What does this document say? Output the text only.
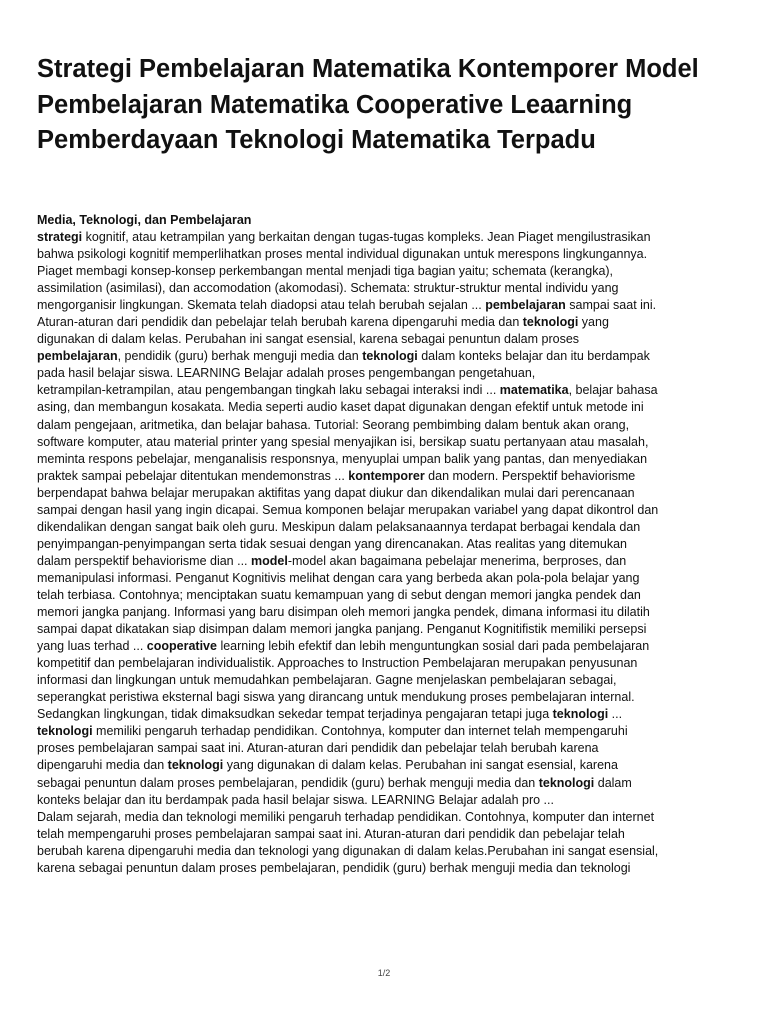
Strategi Pembelajaran Matematika Kontemporer Model Pembelajaran Matematika Cooperative Leaarning Pemberdayaan Teknologi Matematika Terpadu
Media, Teknologi, dan Pembelajaran
strategi kognitif, atau ketrampilan yang berkaitan dengan tugas-tugas kompleks. Jean Piaget mengilustrasikan
bahwa psikologi kognitif memperlihatkan proses mental individual digunakan untuk merespons lingkungannya.
Piaget membagi konsep-konsep perkembangan mental menjadi tiga bagian yaitu; schemata (kerangka),
assimilation (asimilasi), dan accomodation (akomodasi). Schemata: struktur-struktur mental individu yang
mengorganisir lingkungan. Skemata telah diadopsi atau telah berubah sejalan ... pembelajaran sampai saat ini.
Aturan-aturan dari pendidik dan pebelajar telah berubah karena dipengaruhi media dan teknologi yang
digunakan di dalam kelas. Perubahan ini sangat esensial, karena sebagai penuntun dalam proses
pembelajaran, pendidik (guru) berhak menguji media dan teknologi dalam konteks belajar dan itu berdampak
pada hasil belajar siswa. LEARNING Belajar adalah proses pengembangan pengetahuan,
ketrampilan-ketrampilan, atau pengembangan tingkah laku sebagai interaksi indi ... matematika, belajar bahasa
asing, dan membangun kosakata. Media seperti audio kaset dapat digunakan dengan efektif untuk metode ini
dalam pengejaan, aritmetika, dan belajar bahasa. Tutorial: Seorang pembimbing dalam bentuk akan orang,
software komputer, atau material printer yang spesial menyajikan isi, bersikap suatu pertanyaan atau masalah,
meminta respons pebelajar, menganalisis responsnya, menyuplai umpan balik yang pantas, dan menyediakan
praktek sampai pebelajar ditentukan mendemonstras ... kontemporer dan modern. Perspektif behaviorisme
berpendapat bahwa belajar merupakan aktifitas yang dapat diukur dan dikendalikan mulai dari perencanaan
sampai dengan hasil yang ingin dicapai. Semua komponen belajar merupakan variabel yang dapat dikontrol dan
dikendalikan dengan sangat baik oleh guru. Meskipun dalam pelaksanaannya terdapat berbagai kendala dan
penyimpangan-penyimpangan serta tidak sesuai dengan yang direncanakan. Atas realitas yang ditemukan
dalam perspektif behaviorisme dian ... model-model akan bagaimana pebelajar menerima, berproses, dan
memanipulasi informasi. Penganut Kognitivis melihat dengan cara yang berbeda akan pola-pola belajar yang
telah terbiasa. Contohnya; menciptakan suatu kemampuan yang di sebut dengan memori jangka pendek dan
memori jangka panjang. Informasi yang baru disimpan oleh memori jangka pendek, dimana informasi itu dilatih
sampai dapat dikatakan siap disimpan dalam memori jangka panjang. Penganut Kognitifistik memiliki persepsi
yang luas terhad ... cooperative learning lebih efektif dan lebih menguntungkan sosial dari pada pembelajaran
kompetitif dan pembelajaran individualistik. Approaches to Instruction Pembelajaran merupakan penyusunan
informasi dan lingkungan untuk memudahkan pembelajaran. Gagne menjelaskan pembelajaran sebagai,
seperangkat peristiwa eksternal bagi siswa yang dirancang untuk mendukung proses pembelajaran internal.
Sedangkan lingkungan, tidak dimaksudkan sekedar tempat terjadinya pengajaran tetapi juga teknologi ...
teknologi memiliki pengaruh terhadap pendidikan. Contohnya, komputer dan internet telah mempengaruhi
proses pembelajaran sampai saat ini. Aturan-aturan dari pendidik dan pebelajar telah berubah karena
dipengaruhi media dan teknologi yang digunakan di dalam kelas. Perubahan ini sangat esensial, karena
sebagai penuntun dalam proses pembelajaran, pendidik (guru) berhak menguji media dan teknologi dalam
konteks belajar dan itu berdampak pada hasil belajar siswa. LEARNING Belajar adalah pro ...
Dalam sejarah, media dan teknologi memiliki pengaruh terhadap pendidikan. Contohnya, komputer dan internet
telah mempengaruhi proses pembelajaran sampai saat ini. Aturan-aturan dari pendidik dan pebelajar telah
berubah karena dipengaruhi media dan teknologi yang digunakan di dalam kelas.Perubahan ini sangat esensial,
karena sebagai penuntun dalam proses pembelajaran, pendidik (guru) berhak menguji media dan teknologi
1/2
